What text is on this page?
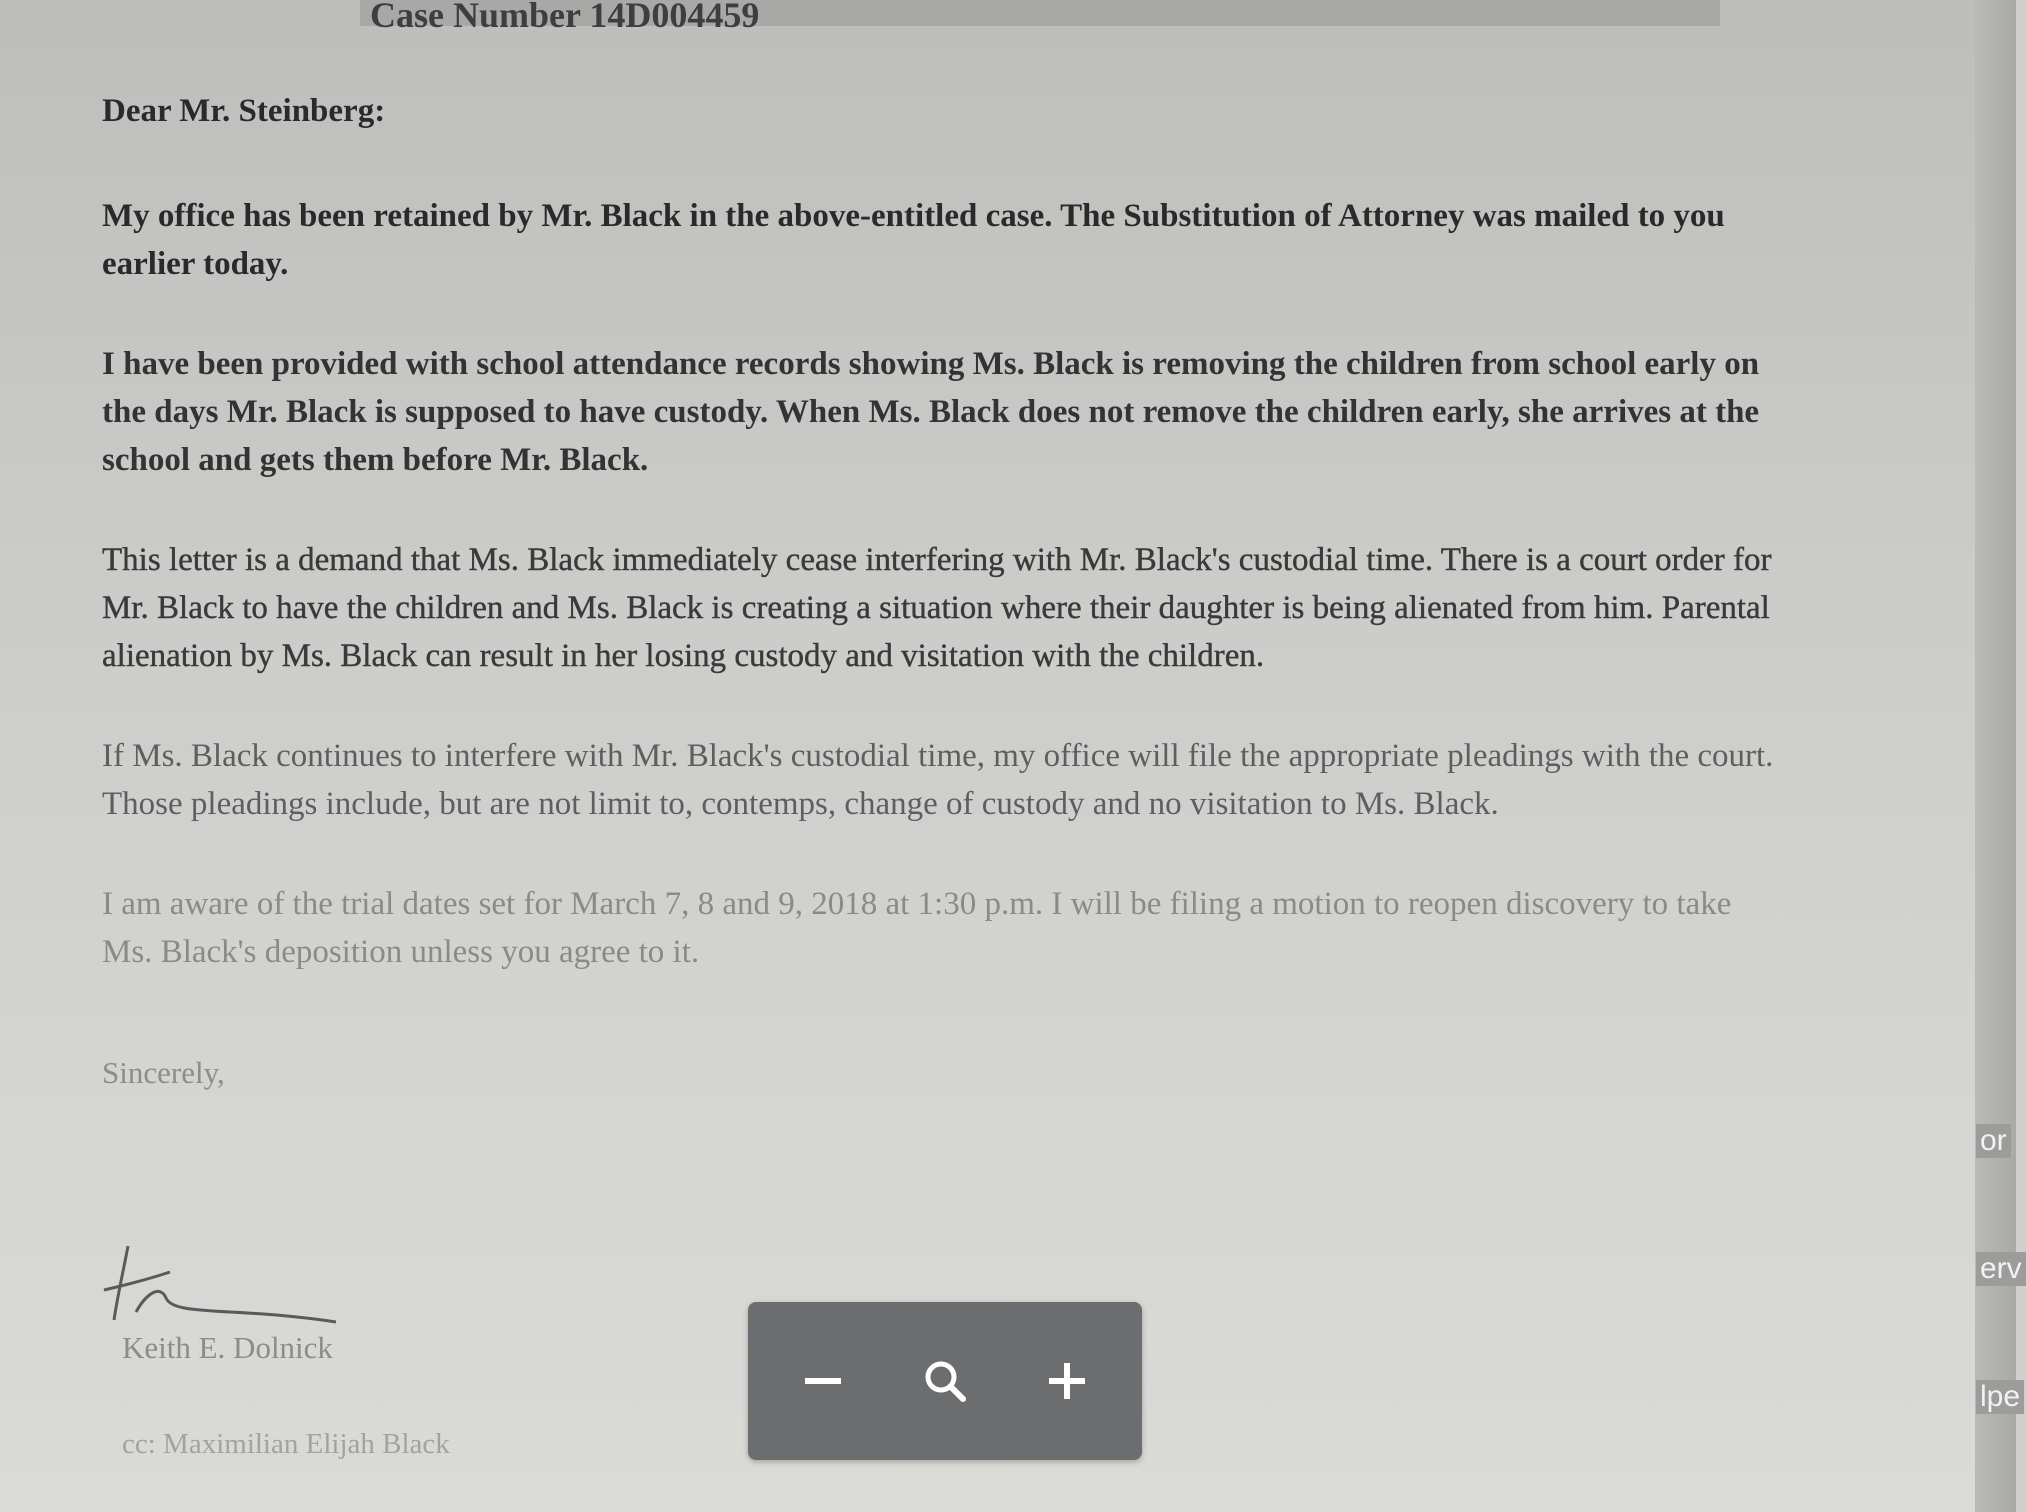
Case Number 14D004459

Dear Mr. Steinberg:

My office has been retained by Mr. Black in the above-entitled case. The Substitution of Attorney was mailed to you earlier today.

I have been provided with school attendance records showing Ms. Black is removing the children from school early on the days Mr. Black is supposed to have custody. When Ms. Black does not remove the children early, she arrives at the school and gets them before Mr. Black.

This letter is a demand that Ms. Black immediately cease interfering with Mr. Black's custodial time. There is a court order for Mr. Black to have the children and Ms. Black is creating a situation where their daughter is being alienated from him. Parental alienation by Ms. Black can result in her losing custody and visitation with the children.

If Ms. Black continues to interfere with Mr. Black's custodial time, my office will file the appropriate pleadings with the court. Those pleadings include, but are not limit to, contemps, change of custody and no visitation to Ms. Black.

I am aware of the trial dates set for March 7, 8 and 9, 2018 at 1:30 p.m. I will be filing a motion to reopen discovery to take Ms. Black's deposition unless you agree to it.

Sincerely,

Keith E. Dolnick
cc: Maximilian Elijah Black
or
erv
lpe
